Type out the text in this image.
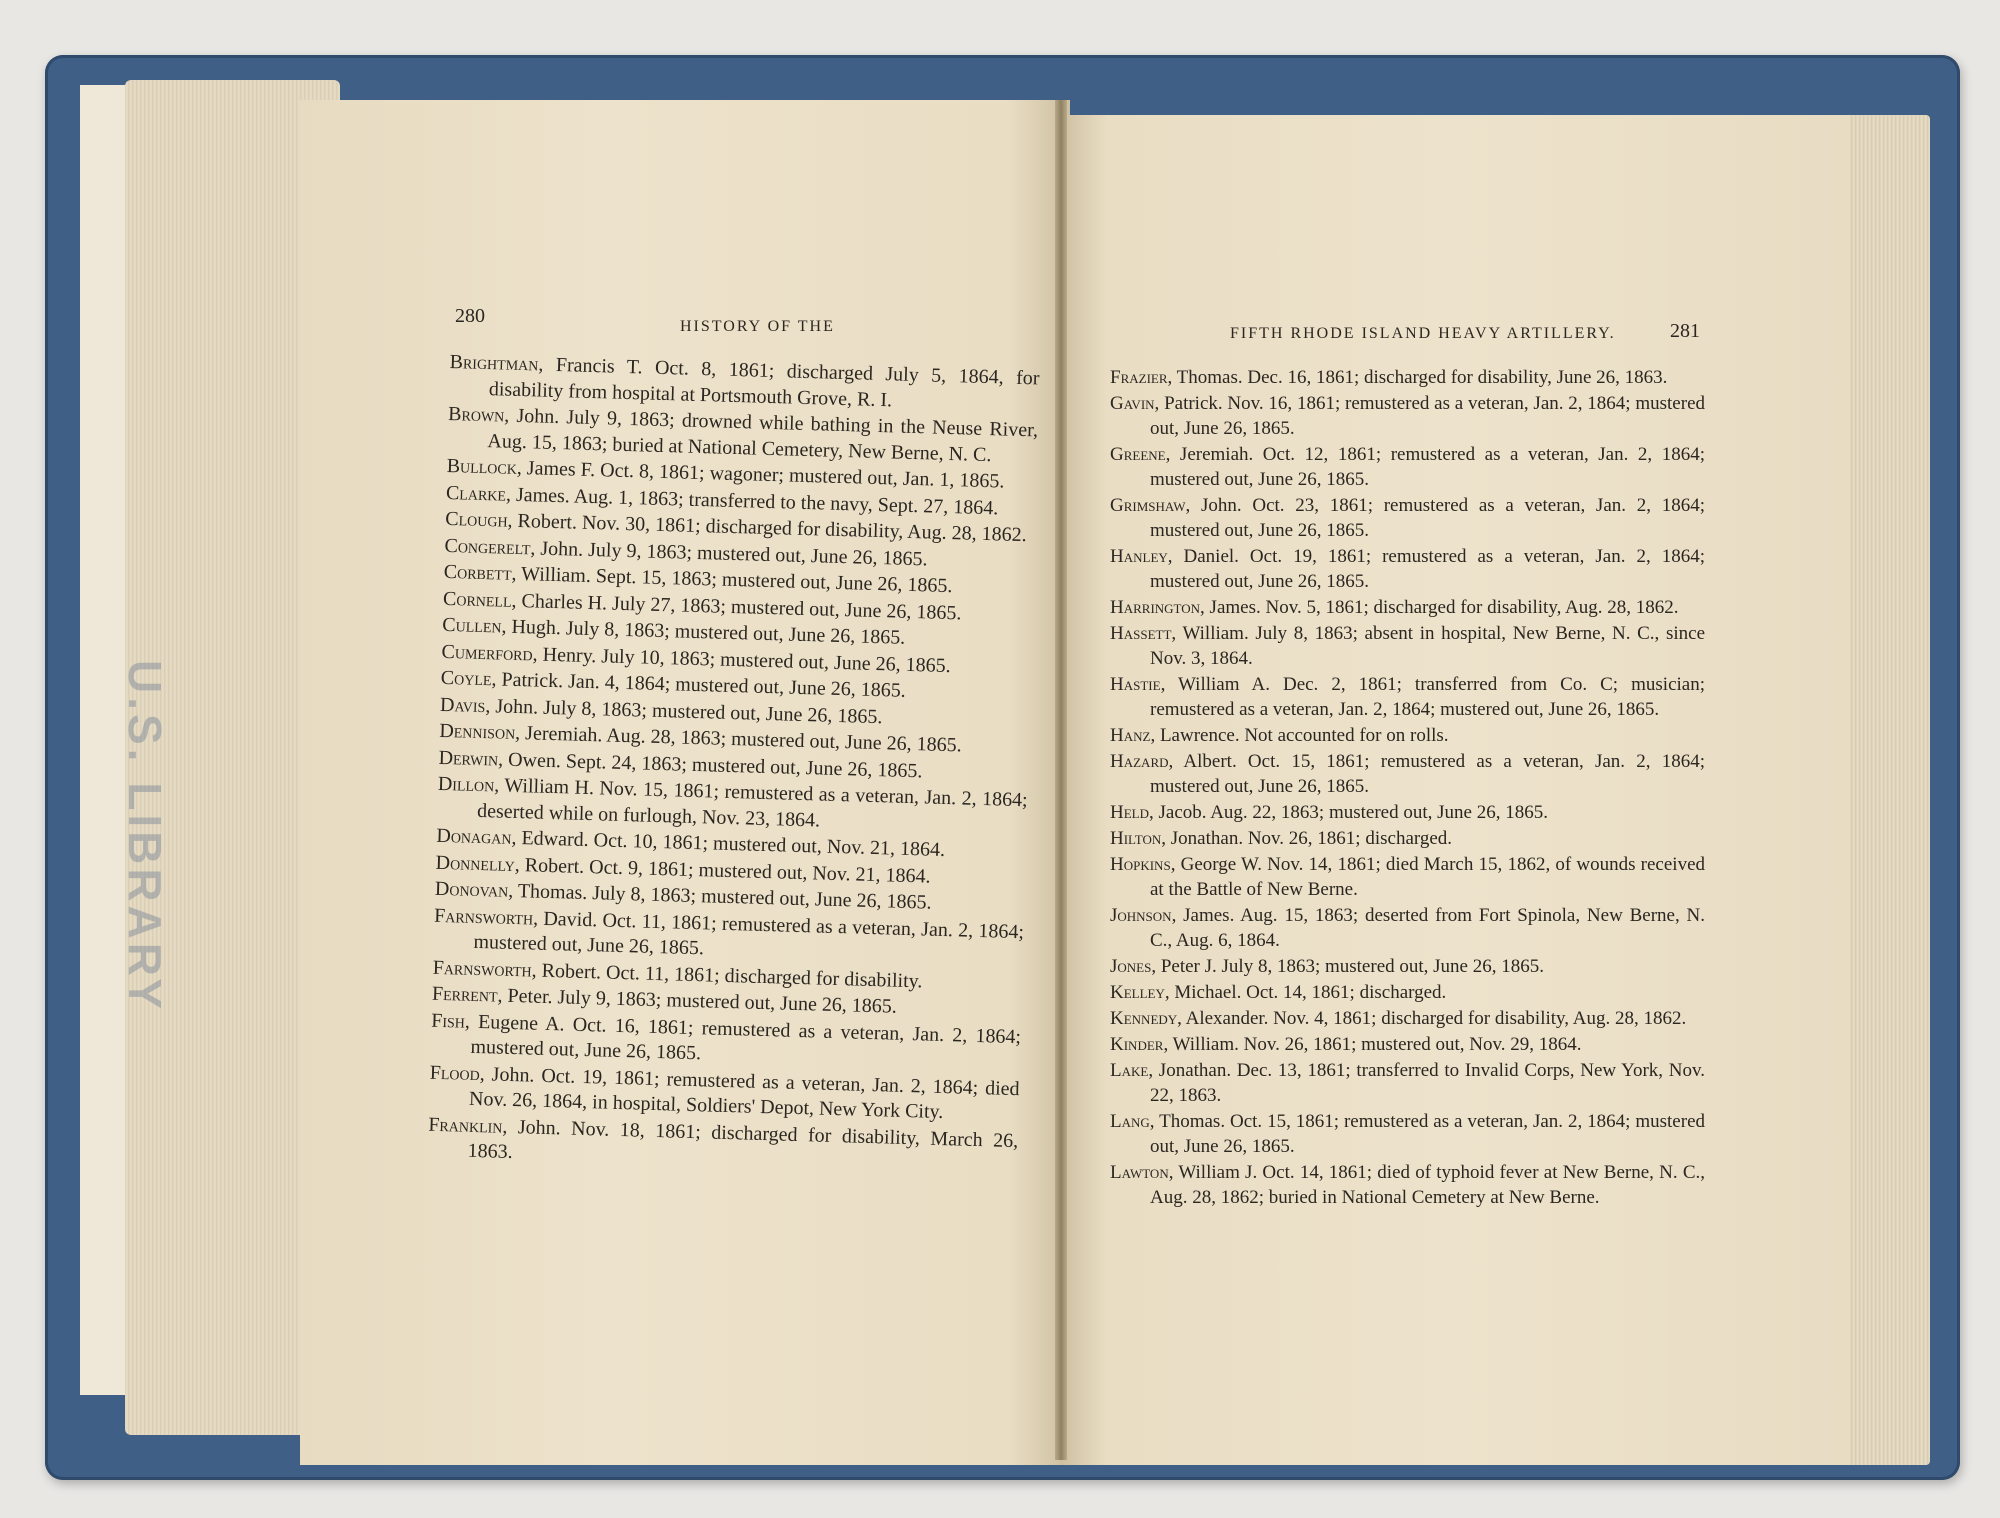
U.S. LIBRARY
280	HISTORY OF THE	FIFTH RHODE ISLAND HEAVY ARTILLERY.	281

Brightman, Francis T. Oct. 8, 1861; discharged July 5, 1864, for disability from hospital at Portsmouth Grove, R. I.

Brown, John. July 9, 1863; drowned while bathing in the Neuse River, Aug. 15, 1863; buried at National Cemetery, New Berne, N. C.

Bullock, James F. Oct. 8, 1861; wagoner; mustered out, Jan. 1, 1865.

Clarke, James. Aug. 1, 1863; transferred to the navy, Sept. 27, 1864.

Clough, Robert. Nov. 30, 1861; discharged for disability, Aug. 28, 1862.

Congerelt, John. July 9, 1863; mustered out, June 26, 1865.

Corbett, William. Sept. 15, 1863; mustered out, June 26, 1865.

Cornell, Charles H. July 27, 1863; mustered out, June 26, 1865.

Cullen, Hugh. July 8, 1863; mustered out, June 26, 1865.

Cumerford, Henry. July 10, 1863; mustered out, June 26, 1865.

Coyle, Patrick. Jan. 4, 1864; mustered out, June 26, 1865.

Davis, John. July 8, 1863; mustered out, June 26, 1865.

Dennison, Jeremiah. Aug. 28, 1863; mustered out, June 26, 1865.

Derwin, Owen. Sept. 24, 1863; mustered out, June 26, 1865.

Dillon, William H. Nov. 15, 1861; remustered as a veteran, Jan. 2, 1864; deserted while on furlough, Nov. 23, 1864.

Donagan, Edward. Oct. 10, 1861; mustered out, Nov. 21, 1864.

Donnelly, Robert. Oct. 9, 1861; mustered out, Nov. 21, 1864.

Donovan, Thomas. July 8, 1863; mustered out, June 26, 1865.

Farnsworth, David. Oct. 11, 1861; remustered as a veteran, Jan. 2, 1864; mustered out, June 26, 1865.

Farnsworth, Robert. Oct. 11, 1861; discharged for disability.

Ferrent, Peter. July 9, 1863; mustered out, June 26, 1865.

Fish, Eugene A. Oct. 16, 1861; remustered as a veteran, Jan. 2, 1864; mustered out, June 26, 1865.

Flood, John. Oct. 19, 1861; remustered as a veteran, Jan. 2, 1864; died Nov. 26, 1864, in hospital, Soldiers' Depot, New York City.

Franklin, John. Nov. 18, 1861; discharged for disability, March 26, 1863.

Frazier, Thomas. Dec. 16, 1861; discharged for disability, June 26, 1863.

Gavin, Patrick. Nov. 16, 1861; remustered as a veteran, Jan. 2, 1864; mustered out, June 26, 1865.

Greene, Jeremiah. Oct. 12, 1861; remustered as a veteran, Jan. 2, 1864; mustered out, June 26, 1865.

Grimshaw, John. Oct. 23, 1861; remustered as a veteran, Jan. 2, 1864; mustered out, June 26, 1865.

Hanley, Daniel. Oct. 19, 1861; remustered as a veteran, Jan. 2, 1864; mustered out, June 26, 1865.

Harrington, James. Nov. 5, 1861; discharged for disability, Aug. 28, 1862.

Hassett, William. July 8, 1863; absent in hospital, New Berne, N. C., since Nov. 3, 1864.

Hastie, William A. Dec. 2, 1861; transferred from Co. C; musician; remustered as a veteran, Jan. 2, 1864; mustered out, June 26, 1865.

Hanz, Lawrence. Not accounted for on rolls.

Hazard, Albert. Oct. 15, 1861; remustered as a veteran, Jan. 2, 1864; mustered out, June 26, 1865.

Held, Jacob. Aug. 22, 1863; mustered out, June 26, 1865.

Hilton, Jonathan. Nov. 26, 1861; discharged.

Hopkins, George W. Nov. 14, 1861; died March 15, 1862, of wounds received at the Battle of New Berne.

Johnson, James. Aug. 15, 1863; deserted from Fort Spinola, New Berne, N. C., Aug. 6, 1864.

Jones, Peter J. July 8, 1863; mustered out, June 26, 1865.

Kelley, Michael. Oct. 14, 1861; discharged.

Kennedy, Alexander. Nov. 4, 1861; discharged for disability, Aug. 28, 1862.

Kinder, William. Nov. 26, 1861; mustered out, Nov. 29, 1864.

Lake, Jonathan. Dec. 13, 1861; transferred to Invalid Corps, New York, Nov. 22, 1863.

Lang, Thomas. Oct. 15, 1861; remustered as a veteran, Jan. 2, 1864; mustered out, June 26, 1865.

Lawton, William J. Oct. 14, 1861; died of typhoid fever at New Berne, N. C., Aug. 28, 1862; buried in National Cemetery at New Berne.
